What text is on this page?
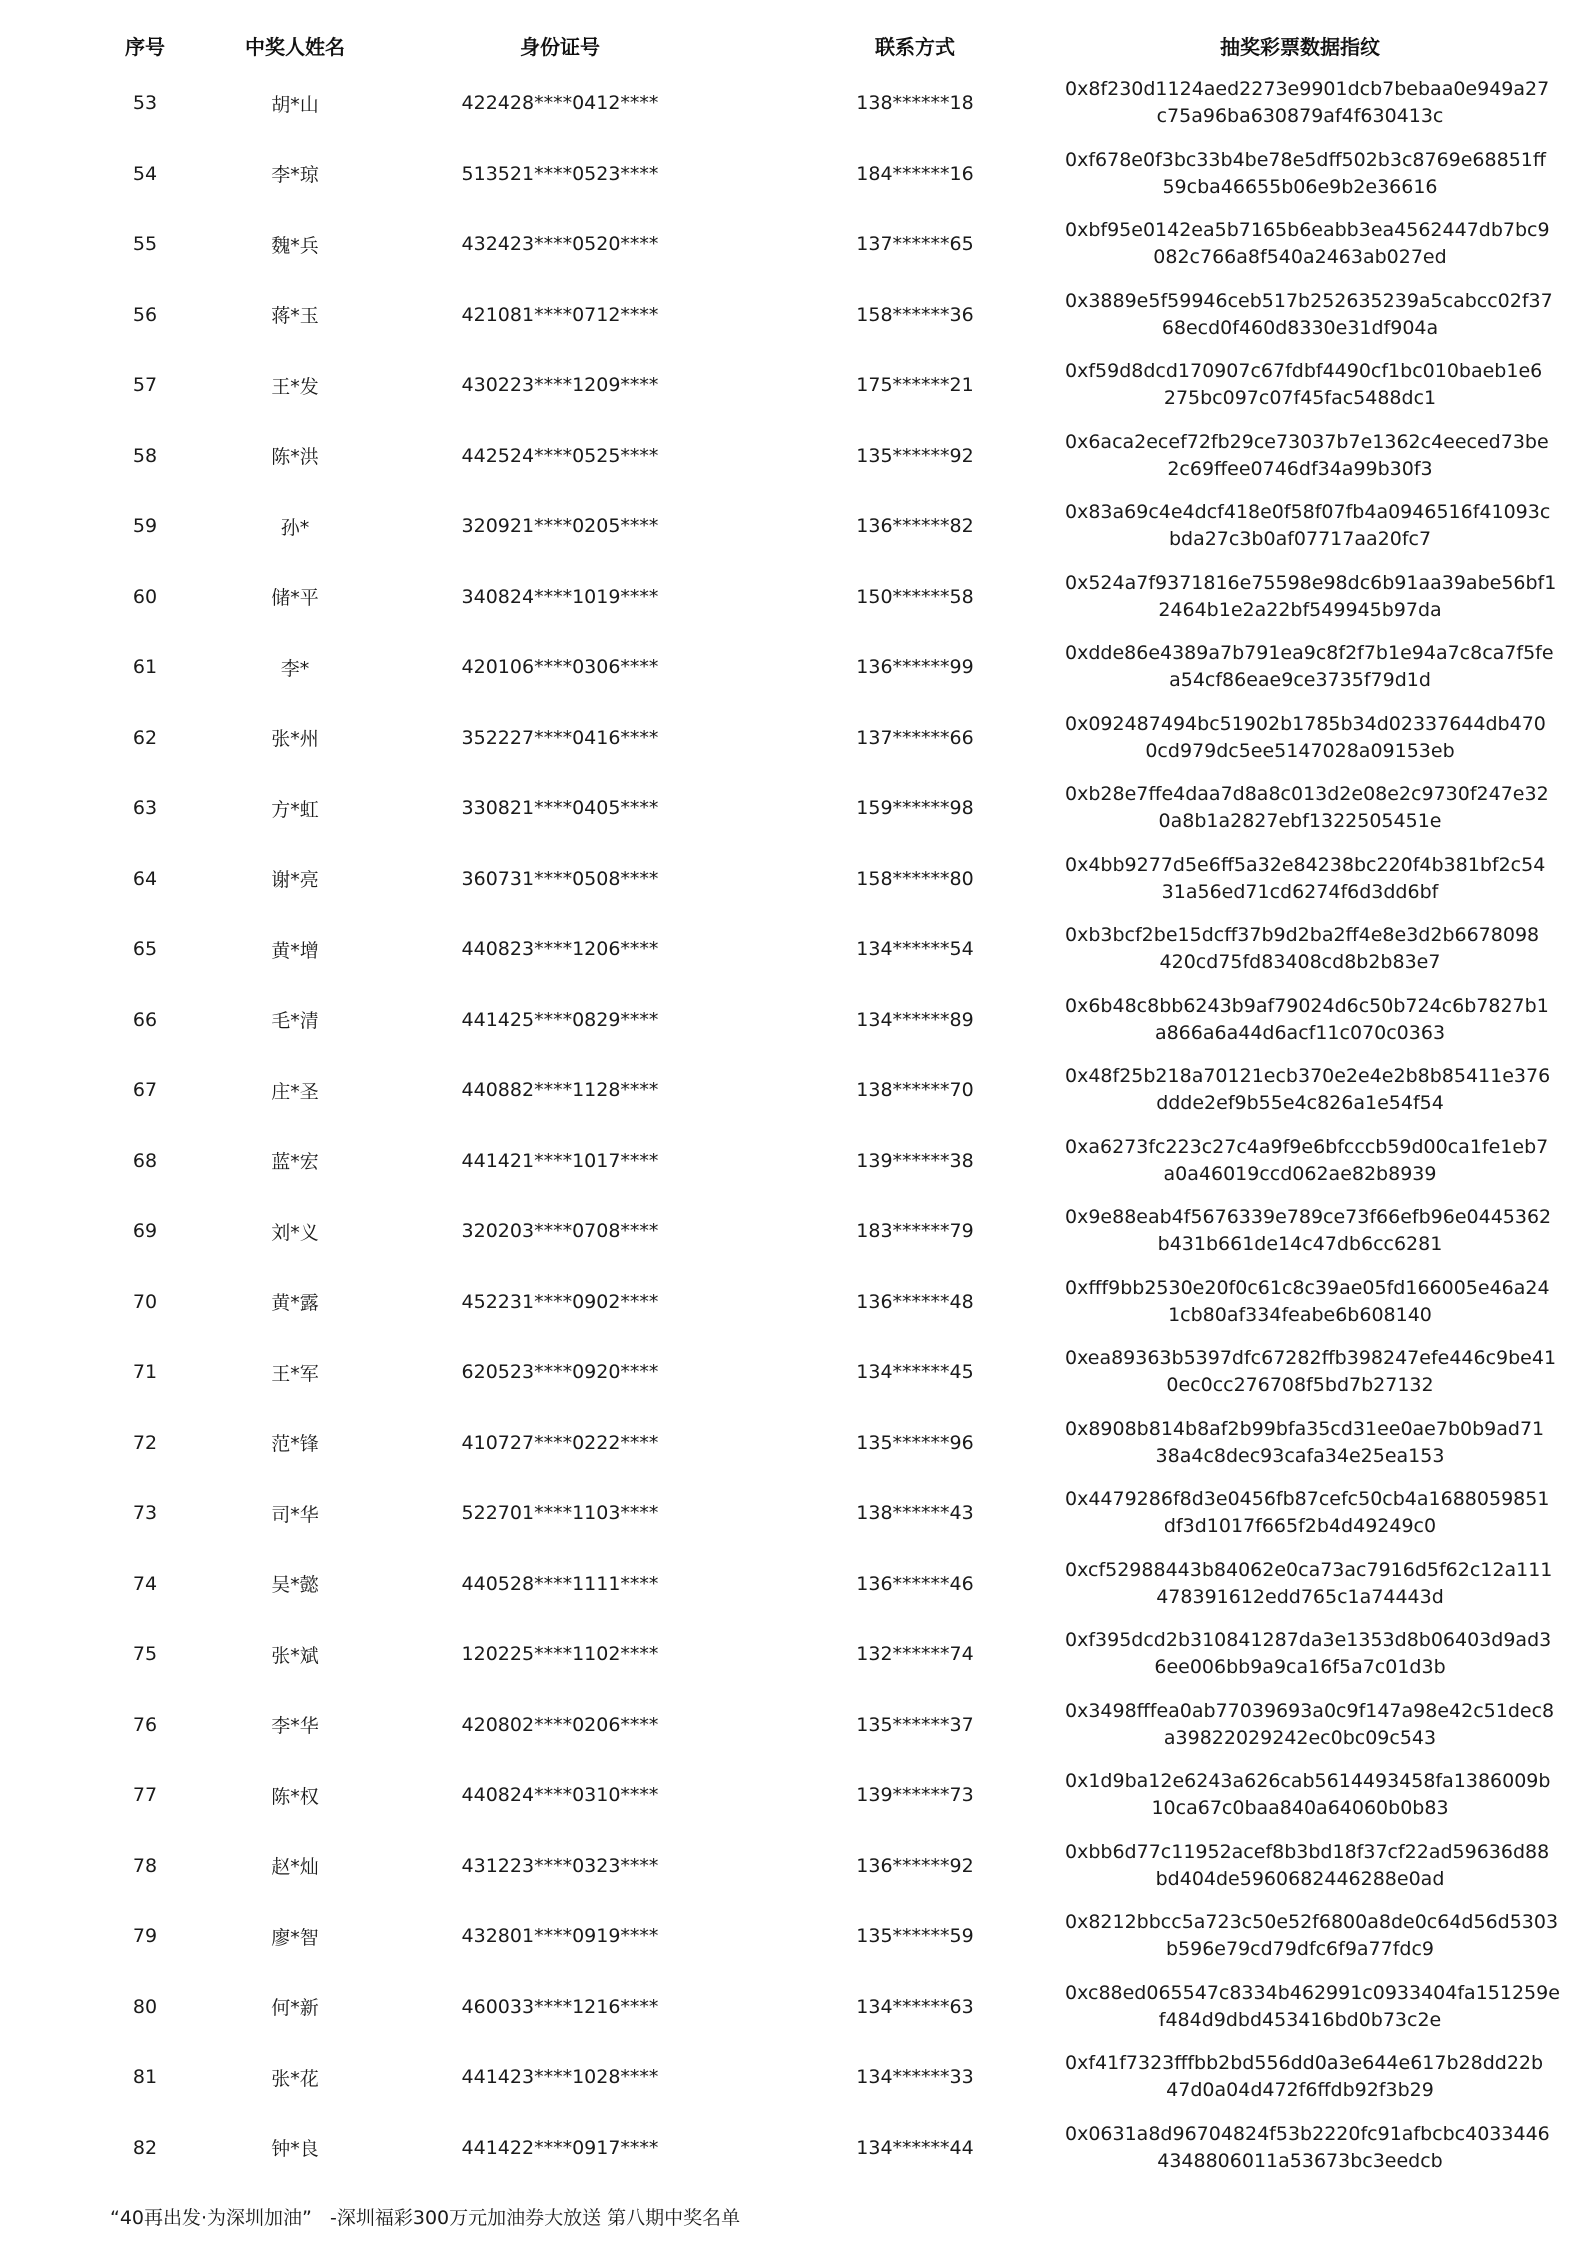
序号	中奖人姓名	身份证号	联系方式	抽奖彩票数据指纹
53	胡*山	422428****0412****	138******18	0x8f230d1124aed2273e9901dcb7bebaa0e949a27
c75a96ba630879af4f630413c

54	李*琼	513521****0523****	184******16	0xf678e0f3bc33b4be78e5dff502b3c8769e68851ff
59cba46655b06e9b2e36616

55	魏*兵	432423****0520****	137******65	0xbf95e0142ea5b7165b6eabb3ea4562447db7bc9
082c766a8f540a2463ab027ed

56	蒋*玉	421081****0712****	158******36	0x3889e5f59946ceb517b252635239a5cabcc02f37
68ecd0f460d8330e31df904a

57	王*发	430223****1209****	175******21	0xf59d8dcd170907c67fdbf4490cf1bc010baeb1e6
275bc097c07f45fac5488dc1

58	陈*洪	442524****0525****	135******92	0x6aca2ecef72fb29ce73037b7e1362c4eeced73be
2c69ffee0746df34a99b30f3

59	孙*	320921****0205****	136******82	0x83a69c4e4dcf418e0f58f07fb4a0946516f41093c
bda27c3b0af07717aa20fc7

60	储*平	340824****1019****	150******58	0x524a7f9371816e75598e98dc6b91aa39abe56bf1
2464b1e2a22bf549945b97da

61	李*	420106****0306****	136******99	0xdde86e4389a7b791ea9c8f2f7b1e94a7c8ca7f5fe
a54cf86eae9ce3735f79d1d

62	张*州	352227****0416****	137******66	0x092487494bc51902b1785b34d02337644db470
0cd979dc5ee5147028a09153eb

63	方*虹	330821****0405****	159******98	0xb28e7ffe4daa7d8a8c013d2e08e2c9730f247e32
0a8b1a2827ebf1322505451e

64	谢*亮	360731****0508****	158******80	0x4bb9277d5e6ff5a32e84238bc220f4b381bf2c54
31a56ed71cd6274f6d3dd6bf

65	黄*增	440823****1206****	134******54	0xb3bcf2be15dcff37b9d2ba2ff4e8e3d2b6678098
420cd75fd83408cd8b2b83e7

66	毛*清	441425****0829****	134******89	0x6b48c8bb6243b9af79024d6c50b724c6b7827b1
a866a6a44d6acf11c070c0363

67	庄*圣	440882****1128****	138******70	0x48f25b218a70121ecb370e2e4e2b8b85411e376
ddde2ef9b55e4c826a1e54f54

68	蓝*宏	441421****1017****	139******38	0xa6273fc223c27c4a9f9e6bfcccb59d00ca1fe1eb7
a0a46019ccd062ae82b8939

69	刘*义	320203****0708****	183******79	0x9e88eab4f5676339e789ce73f66efb96e0445362
b431b661de14c47db6cc6281

70	黄*露	452231****0902****	136******48	0xfff9bb2530e20f0c61c8c39ae05fd166005e46a24
1cb80af334feabe6b608140

71	王*军	620523****0920****	134******45	0xea89363b5397dfc67282ffb398247efe446c9be41
0ec0cc276708f5bd7b27132

72	范*锋	410727****0222****	135******96	0x8908b814b8af2b99bfa35cd31ee0ae7b0b9ad71
38a4c8dec93cafa34e25ea153

73	司*华	522701****1103****	138******43	0x4479286f8d3e0456fb87cefc50cb4a1688059851
df3d1017f665f2b4d49249c0

74	吴*懿	440528****1111****	136******46	0xcf52988443b84062e0ca73ac7916d5f62c12a111
478391612edd765c1a74443d

75	张*斌	120225****1102****	132******74	0xf395dcd2b310841287da3e1353d8b06403d9ad3
6ee006bb9a9ca16f5a7c01d3b

76	李*华	420802****0206****	135******37	0x3498fffea0ab77039693a0c9f147a98e42c51dec8
a39822029242ec0bc09c543

77	陈*权	440824****0310****	139******73	0x1d9ba12e6243a626cab5614493458fa1386009b
10ca67c0baa840a64060b0b83

78	赵*灿	431223****0323****	136******92	0xbb6d77c11952acef8b3bd18f37cf22ad59636d88
bd404de5960682446288e0ad

79	廖*智	432801****0919****	135******59	0x8212bbcc5a723c50e52f6800a8de0c64d56d5303
b596e79cd79dfc6f9a77fdc9

80	何*新	460033****1216****	134******63	0xc88ed065547c8334b462991c0933404fa151259e
f484d9dbd453416bd0b73c2e

81	张*花	441423****1028****	134******33	0xf41f7323fffbb2bd556dd0a3e644e617b28dd22b
47d0a04d472f6ffdb92f3b29

82	钟*良	441422****0917****	134******44	0x0631a8d96704824f53b2220fc91afbcbc4033446
4348806011a53673bc3eedcb
“40再出发·为深圳加油”   -深圳福彩300万元加油券大放送 第八期中奖名单
